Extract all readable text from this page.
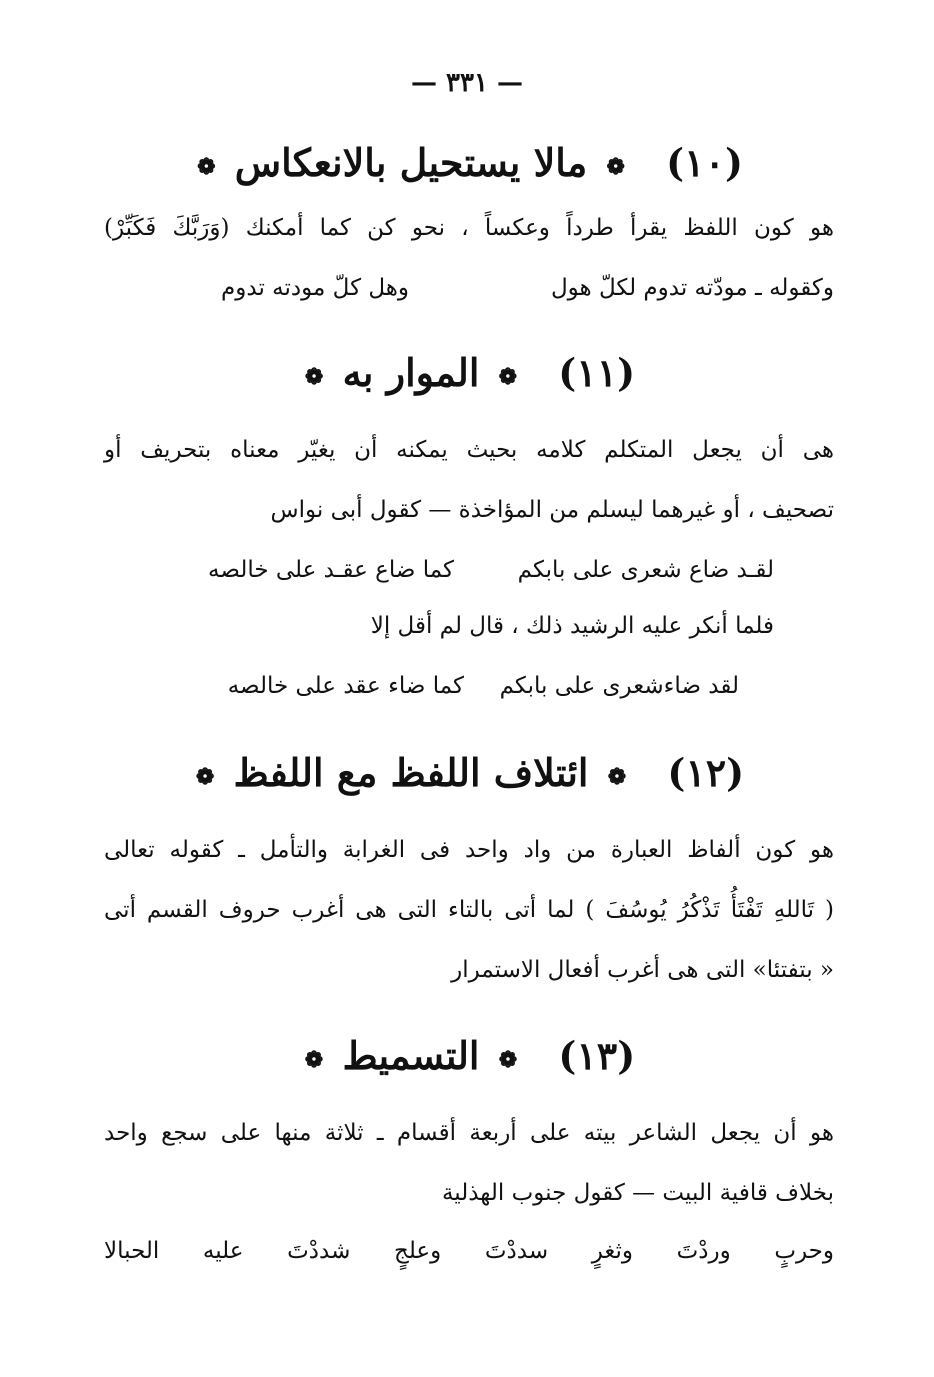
— ٣٣١ —
(١٠) ❁ مالا يستحيل بالانعكاس ❁
هو كون اللفظ يقرأ طرداً وعكساً ، نحو كن كما أمكنك (وَرَبَّكَ فَكَبِّرْ)
وكقوله ـ مودّته تدوم لكلّ هول
وهل كلّ مودته تدوم
(١١) ❁ الموار به ❁
هى أن يجعل المتكلم كلامه بحيث يمكنه أن يغيّر معناه بتحريف أو
تصحيف ، أو غيرهما ليسلم من المؤاخذة — كقول أبى نواس
لقـد ضاع شعرى على بابكم
كما ضاع عقـد على خالصه
فلما أنكر عليه الرشيد ذلك ، قال لم أقل إلا
لقد ضاءشعرى على بابكم
كما ضاء عقد على خالصه
(١٢) ❁ ائتلاف اللفظ مع اللفظ ❁
هو كون ألفاظ العبارة من واد واحد فى الغرابة والتأمل ـ كقوله تعالى
( تَاللهِ تَفْتَأُ تَذْكُرُ يُوسُفَ ) لما أتى بالتاء التى هى أغرب حروف القسم أتى
« بتفتئا» التى هى أغرب أفعال الاستمرار
(١٣) ❁ التسميط ❁
هو أن يجعل الشاعر بيته على أربعة أقسام ـ ثلاثة منها على سجع واحد
بخلاف قافية البيت — كقول جنوب الهذلية
وحربٍ وردْتَ وثغرٍ سددْتَ وعلجٍ شددْتَ عليه الحبالا
